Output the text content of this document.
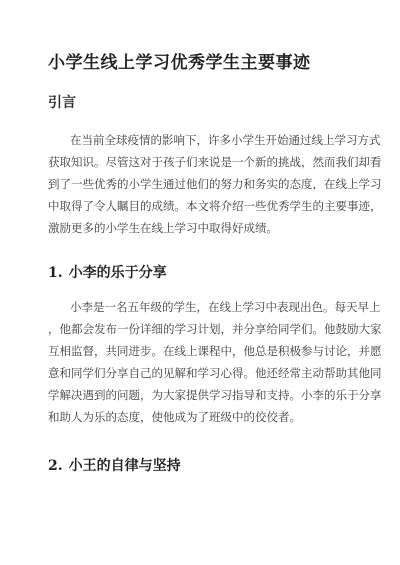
小学生线上学习优秀学生主要事迹
引言

在当前全球疫情的影响下，许多小学生开始通过线上学习方式
获取知识。尽管这对于孩子们来说是一个新的挑战，然而我们却看
到了一些优秀的小学生通过他们的努力和务实的态度，在线上学习
中取得了令人瞩目的成绩。本文将介绍一些优秀学生的主要事迹，
激励更多的小学生在线上学习中取得好成绩。

1. 小李的乐于分享

小李是一名五年级的学生，在线上学习中表现出色。每天早上
，他都会发布一份详细的学习计划，并分享给同学们。他鼓励大家
互相监督，共同进步。在线上课程中，他总是积极参与讨论，并愿
意和同学们分享自己的见解和学习心得。他还经常主动帮助其他同
学解决遇到的问题，为大家提供学习指导和支持。小李的乐于分享
和助人为乐的态度，使他成为了班级中的佼佼者。

2. 小王的自律与坚持
